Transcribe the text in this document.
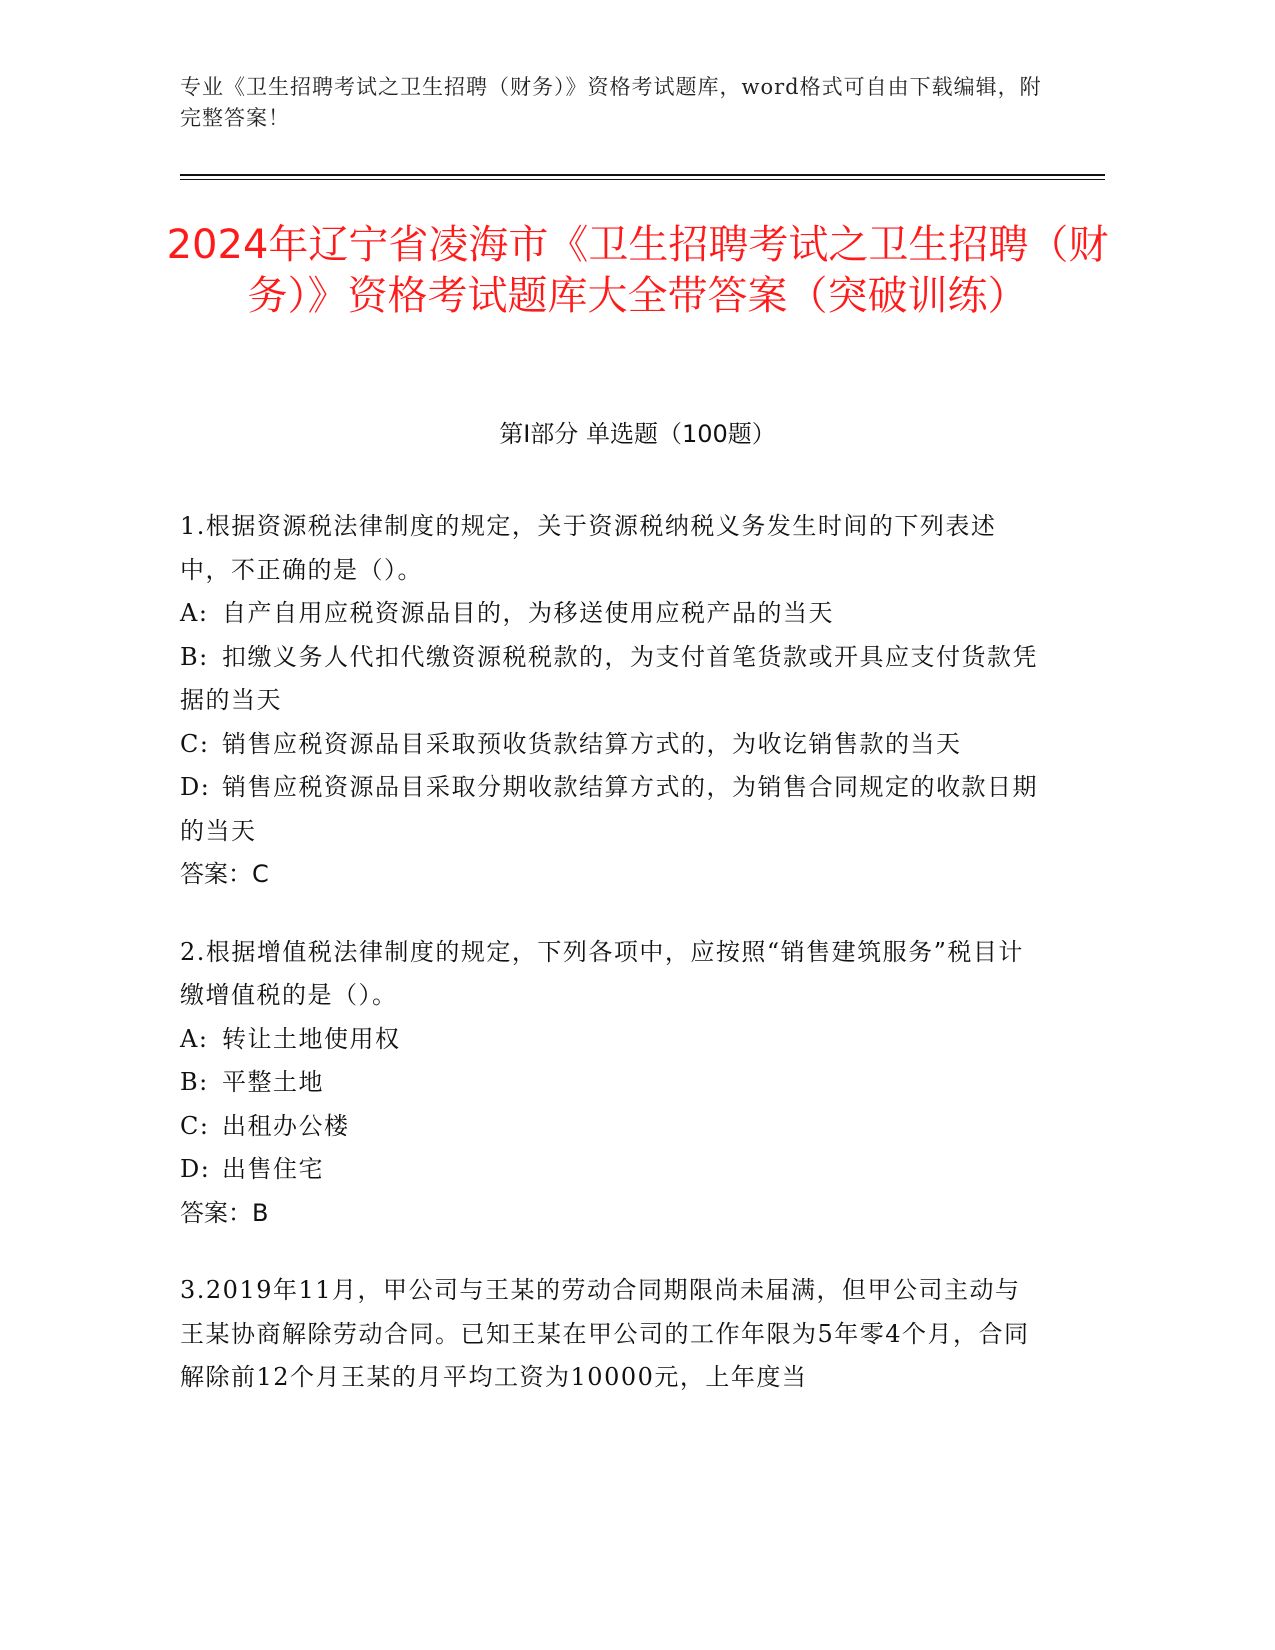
专业《卫生招聘考试之卫生招聘（财务）》资格考试题库，word格式可自由下载编辑，附完整答案！
2024年辽宁省凌海市《卫生招聘考试之卫生招聘（财务）》资格考试题库大全带答案（突破训练）
第Ⅰ部分 单选题（100题）

1.根据资源税法律制度的规定，关于资源税纳税义务发生时间的下列表述中，不正确的是（）。

A: 自产自用应税资源品目的，为移送使用应税产品的当天

B: 扣缴义务人代扣代缴资源税税款的，为支付首笔货款或开具应支付货款凭据的当天

C: 销售应税资源品目采取预收货款结算方式的，为收讫销售款的当天

D: 销售应税资源品目采取分期收款结算方式的，为销售合同规定的收款日期的当天

答案：C

2.根据增值税法律制度的规定，下列各项中，应按照“销售建筑服务”税目计缴增值税的是（）。

A: 转让土地使用权

B: 平整土地

C: 出租办公楼

D: 出售住宅

答案：B

3.2019年11月，甲公司与王某的劳动合同期限尚未届满，但甲公司主动与王某协商解除劳动合同。已知王某在甲公司的工作年限为5年零4个月，合同解除前12个月王某的月平均工资为10000元，上年度当
